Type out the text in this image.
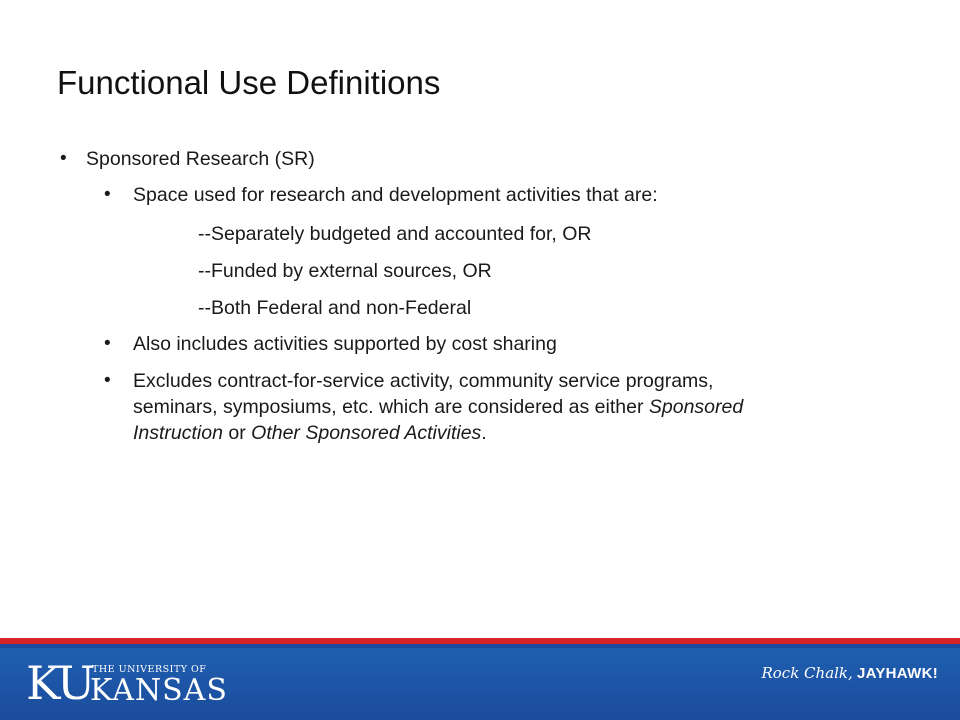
Functional Use Definitions
• Sponsored Research (SR)
• Space used for research and development activities that are:
--Separately budgeted and accounted for, OR
--Funded by external sources, OR
--Both Federal and non-Federal
• Also includes activities supported by cost sharing
• Excludes contract-for-service activity, community service programs,
seminars, symposiums, etc. which are considered as either Sponsored
Instruction or Other Sponsored Activities.
KU
THE UNIVERSITY OF
KANSAS	Rock Chalk, JAYHAWK!
